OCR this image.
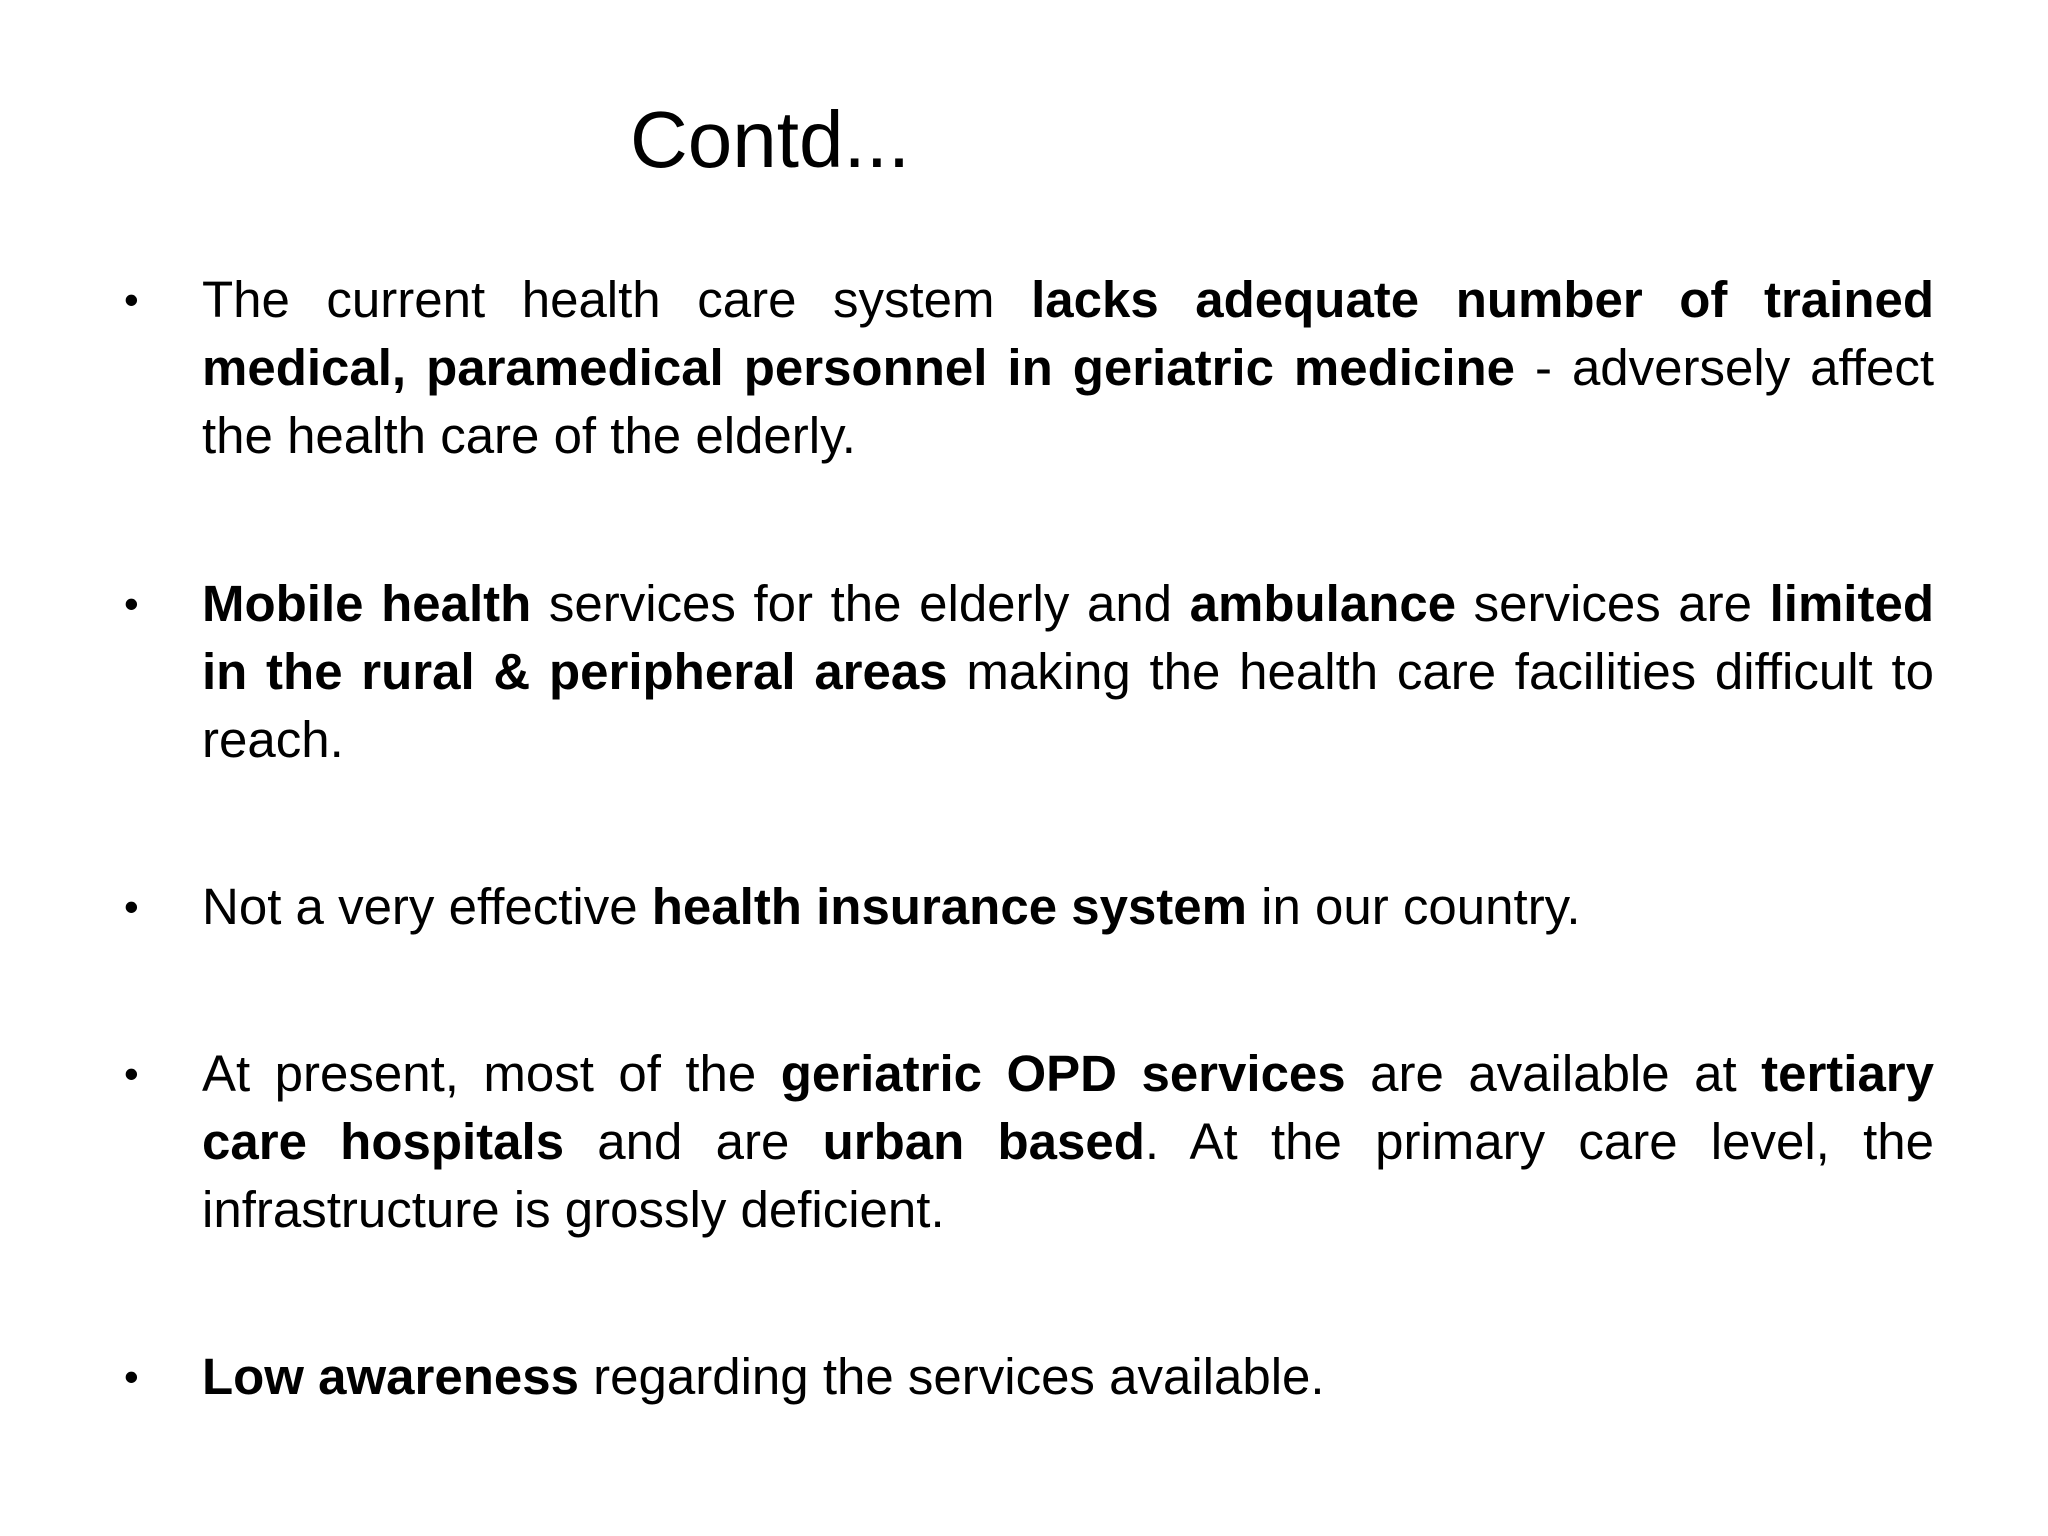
Contd...
• The current health care system lacks adequate number of trained medical, paramedical personnel in geriatric medicine - adversely affect the health care of the elderly.
• Mobile health services for the elderly and ambulance services are limited in the rural & peripheral areas making the health care facilities difficult to reach.
• Not a very effective health insurance system in our country.
• At present, most of the geriatric OPD services are available at tertiary care hospitals and are urban based. At the primary care level, the infrastructure is grossly deficient.
• Low awareness regarding the services available.
